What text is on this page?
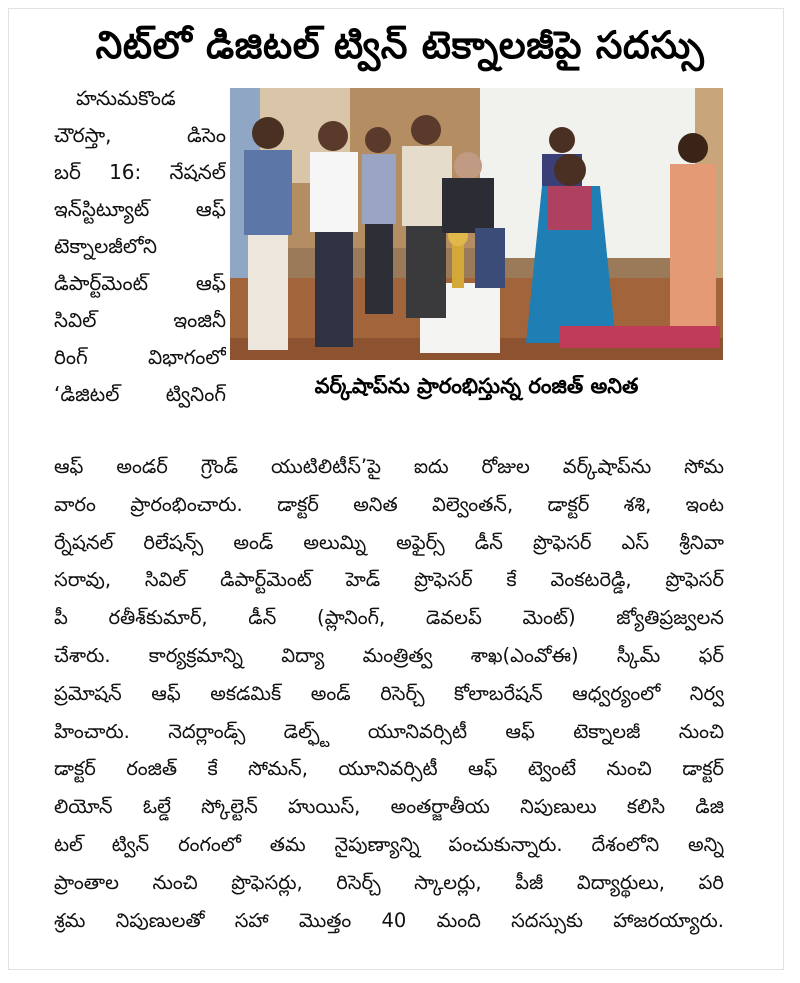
నిట్‌లో డిజిటల్ ట్విన్ టెక్నాలజీపై సదస్సు
హనుమకొండ
చౌరస్తా, డిసెం
బర్ 16: నేషనల్
ఇన్‌స్టిట్యూట్ ఆఫ్
టెక్నాలజీలోని
డిపార్ట్‌మెంట్ ఆఫ్
సివిల్ ఇంజినీ
రింగ్ విభాగంలో
‘డిజిటల్ ట్వినింగ్	వర్క్‌షాప్‌ను ప్రారంభిస్తున్న రంజిత్ అనిత
ఆఫ్ అండర్ గ్రౌండ్ యుటిలిటీస్’పై ఐదు రోజుల వర్క్‌షాప్‌ను సోమ
వారం ప్రారంభించారు. డాక్టర్ అనిత విల్వెంతన్, డాక్టర్ శశి, ఇంట
ర్నేషనల్ రిలేషన్స్ అండ్ అలుమ్ని అఫైర్స్ డీన్ ప్రొఫెసర్ ఎస్ శ్రీనివా
సరావు, సివిల్ డిపార్ట్‌మెంట్ హెడ్ ప్రొఫెసర్ కే వెంకటరెడ్డి, ప్రొఫెసర్
పీ రతీశ్‌కుమార్, డీన్ (ప్లానింగ్, డెవలప్ మెంట్) జ్యోతిప్రజ్వలన
చేశారు. కార్యక్రమాన్ని విద్యా మంత్రిత్వ శాఖ(ఎంవోఈ) స్కీమ్ ఫర్
ప్రమోషన్ ఆఫ్ అకడమిక్ అండ్ రిసెర్చ్ కోలాబరేషన్ ఆధ్వర్యంలో నిర్వ
హించారు. నెదర్లాండ్స్ డెల్ఫ్ట్ యూనివర్సిటీ ఆఫ్ టెక్నాలజీ నుంచి
డాక్టర్ రంజిత్ కే సోమన్, యూనివర్సిటీ ఆఫ్ ట్వెంటే నుంచి డాక్టర్
లియోన్ ఓల్డే స్కోల్టెన్ హుయిస్, అంతర్జాతీయ నిపుణులు కలిసి డిజి
టల్ ట్విన్ రంగంలో తమ నైపుణ్యాన్ని పంచుకున్నారు. దేశంలోని అన్ని
ప్రాంతాల నుంచి ప్రొఫెసర్లు, రిసెర్చ్ స్కాలర్లు, పీజీ విద్యార్థులు, పరి
శ్రమ నిపుణులతో సహా మొత్తం 40 మంది సదస్సుకు హాజరయ్యారు.
